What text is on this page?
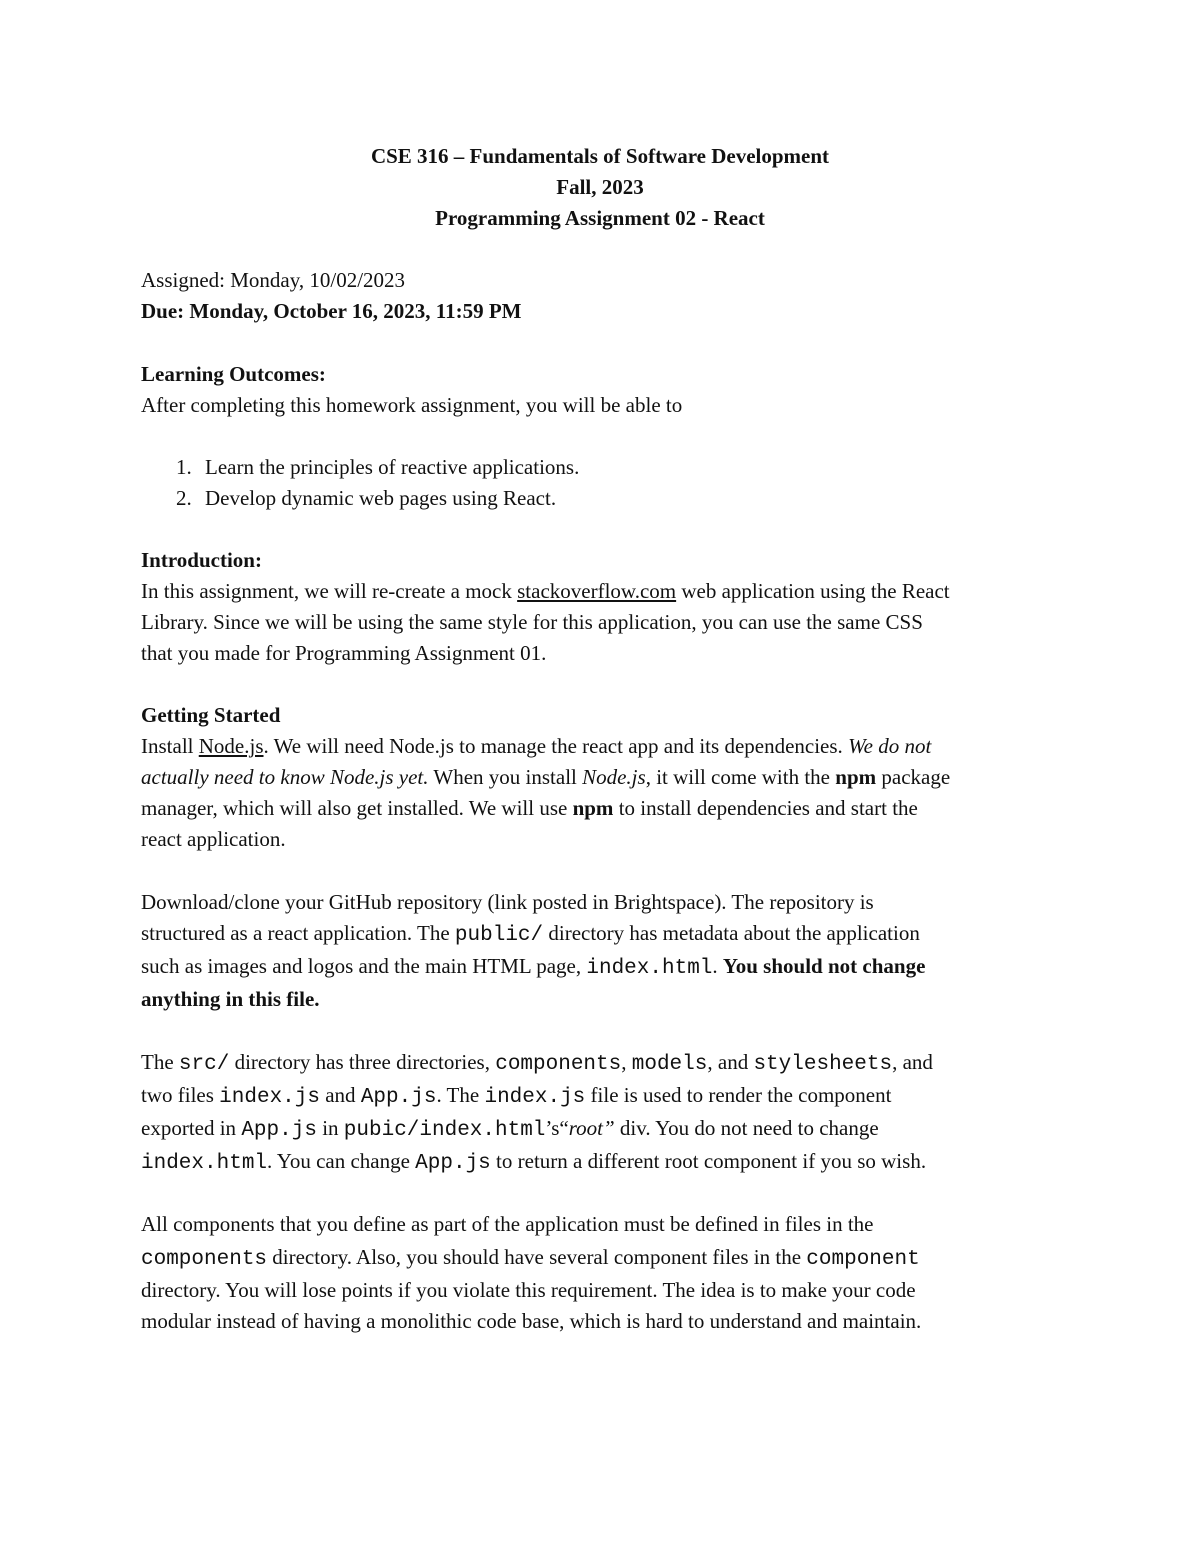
CSE 316 – Fundamentals of Software Development
Fall, 2023
Programming Assignment 02 - React
Assigned: Monday, 10/02/2023
Due: Monday, October 16, 2023, 11:59 PM
Learning Outcomes:
After completing this homework assignment, you will be able to
1. Learn the principles of reactive applications.
2. Develop dynamic web pages using React.
Introduction:
In this assignment, we will re-create a mock stackoverflow.com web application using the React
Library. Since we will be using the same style for this application, you can use the same CSS
that you made for Programming Assignment 01.
Getting Started
Install Node.js. We will need Node.js to manage the react app and its dependencies. We do not
actually need to know Node.js yet. When you install Node.js, it will come with the npm package
manager, which will also get installed. We will use npm to install dependencies and start the
react application.
Download/clone your GitHub repository (link posted in Brightspace). The repository is
structured as a react application. The public/ directory has metadata about the application
such as images and logos and the main HTML page, index.html. You should not change
anything in this file.
The src/ directory has three directories, components, models, and stylesheets, and
two files index.js and App.js. The index.js file is used to render the component
exported in App.js in pubic/index.html’s“root” div. You do not need to change
index.html. You can change App.js to return a different root component if you so wish.
All components that you define as part of the application must be defined in files in the
components directory. Also, you should have several component files in the component
directory. You will lose points if you violate this requirement. The idea is to make your code
modular instead of having a monolithic code base, which is hard to understand and maintain.
